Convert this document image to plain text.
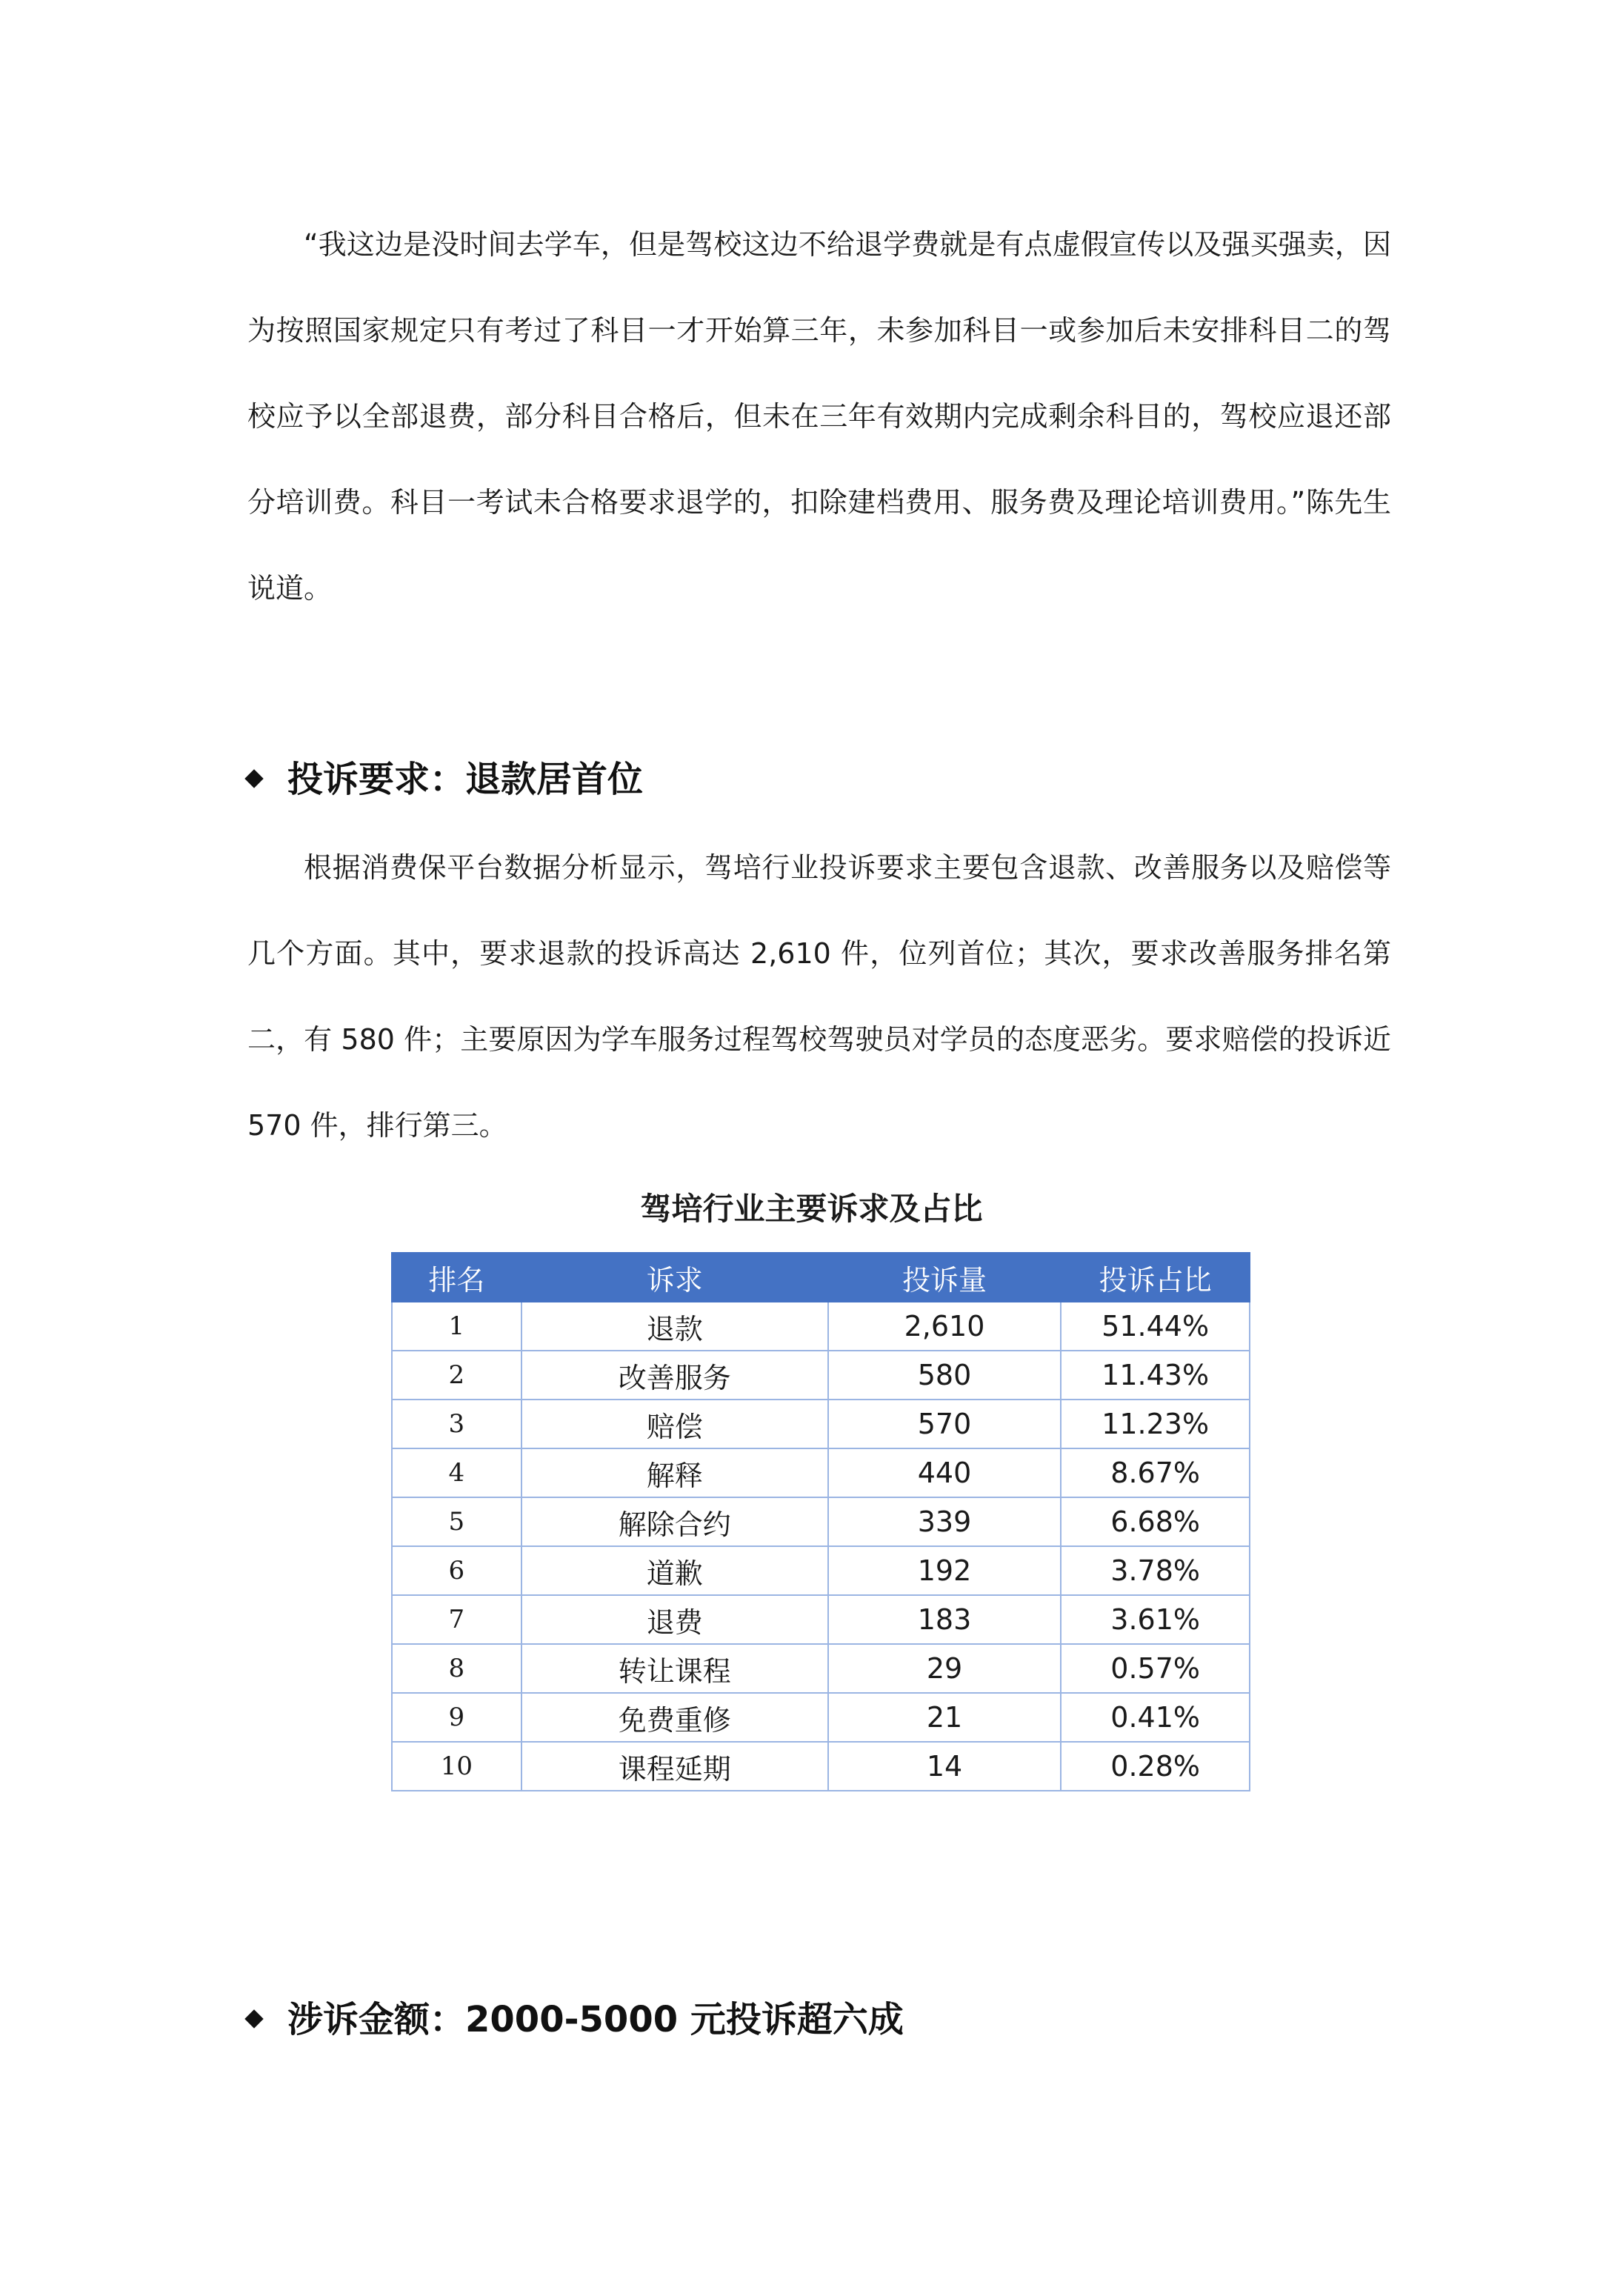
“我这边是没时间去学车，但是驾校这边不给退学费就是有点虚假宣传以及强买强卖，因为按照国家规定只有考过了科目一才开始算三年，未参加科目一或参加后未安排科目二的驾校应予以全部退费，部分科目合格后，但未在三年有效期内完成剩余科目的，驾校应退还部分培训费。科目一考试未合格要求退学的，扣除建档费用、服务费及理论培训费用。”陈先生说道。

投诉要求：退款居首位

根据消费保平台数据分析显示，驾培行业投诉要求主要包含退款、改善服务以及赔偿等几个方面。其中，要求退款的投诉高达 2,610 件，位列首位；其次，要求改善服务排名第二，有 580 件；主要原因为学车服务过程驾校驾驶员对学员的态度恶劣。要求赔偿的投诉近 570 件，排行第三。

驾培行业主要诉求及占比

排名	诉求	投诉量	投诉占比
1	退款	2,610	51.44%
2	改善服务	580	11.43%
3	赔偿	570	11.23%
4	解释	440	8.67%
5	解除合约	339	6.68%
6	道歉	192	3.78%
7	退费	183	3.61%
8	转让课程	29	0.57%
9	免费重修	21	0.41%
10	课程延期	14	0.28%
涉诉金额：2000-5000 元投诉超六成
